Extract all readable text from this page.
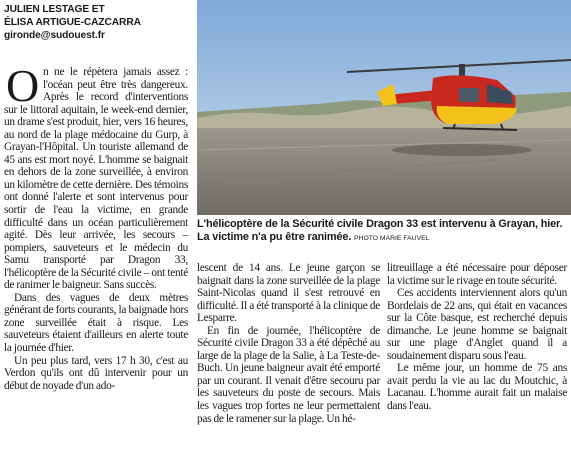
JULIEN LESTAGE ET
ÉLISA ARTIGUE-CAZCARRA
gironde@sudouest.fr

On ne le répètera jamais assez : l'océan peut être très dangereux. Après le record d'interventions sur le littoral aquitain, le week-end dernier, un drame s'est produit, hier, vers 16 heures, au nord de la plage médocaine du Gurp, à Grayan-l'Hôpital. Un touriste allemand de 45 ans est mort noyé. L'homme se baignait en dehors de la zone surveillée, à environ un kilomètre de cette dernière. Des témoins ont donné l'alerte et sont intervenus pour sortir de l'eau la victime, en grande difficulté dans un océan particulièrement agité. Dès leur arrivée, les secours – pompiers, sauveteurs et le médecin du Samu transporté par Dragon 33, l'hélicoptère de la Sécurité civile – ont tenté de ranimer le baigneur. Sans succès.

Dans des vagues de deux mètres générant de forts courants, la baignade hors zone surveillée était à risque. Les sauveteurs étaient d'ailleurs en alerte toute la journée d'hier.

Un peu plus tard, vers 17 h 30, c'est au Verdon qu'ils ont dû intervenir pour un début de noyade d'un ado-

L'hélicoptère de la Sécurité civile Dragon 33 est intervenu à Grayan, hier. La victime n'a pu être ranimée. PHOTO MARIE FAUVEL

lescent de 14 ans. Le jeune garçon se baignait dans la zone surveillée de la plage Saint-Nicolas quand il s'est retrouvé en difficulté. Il a été transporté à la clinique de Lesparre.

En fin de journée, l'hélicoptère de Sécurité civile Dragon 33 a été dépêché au large de la plage de la Salie, à La Teste-de-Buch. Un jeune baigneur avait été emporté par un courant. Il venait d'être secouru par les sauveteurs du poste de secours. Mais les vagues trop fortes ne leur permettaient pas de le ramener sur la plage. Un hé-

litreuillage a été nécessaire pour déposer la victime sur le rivage en toute sécurité.

Ces accidents interviennent alors qu'un Bordelais de 22 ans, qui était en vacances sur la Côte basque, est recherché depuis dimanche. Le jeune homme se baignait sur une plage d'Anglet quand il a soudainement disparu sous l'eau.

Le même jour, un homme de 75 ans avait perdu la vie au lac du Moutchic, à Lacanau. L'homme aurait fait un malaise dans l'eau.
